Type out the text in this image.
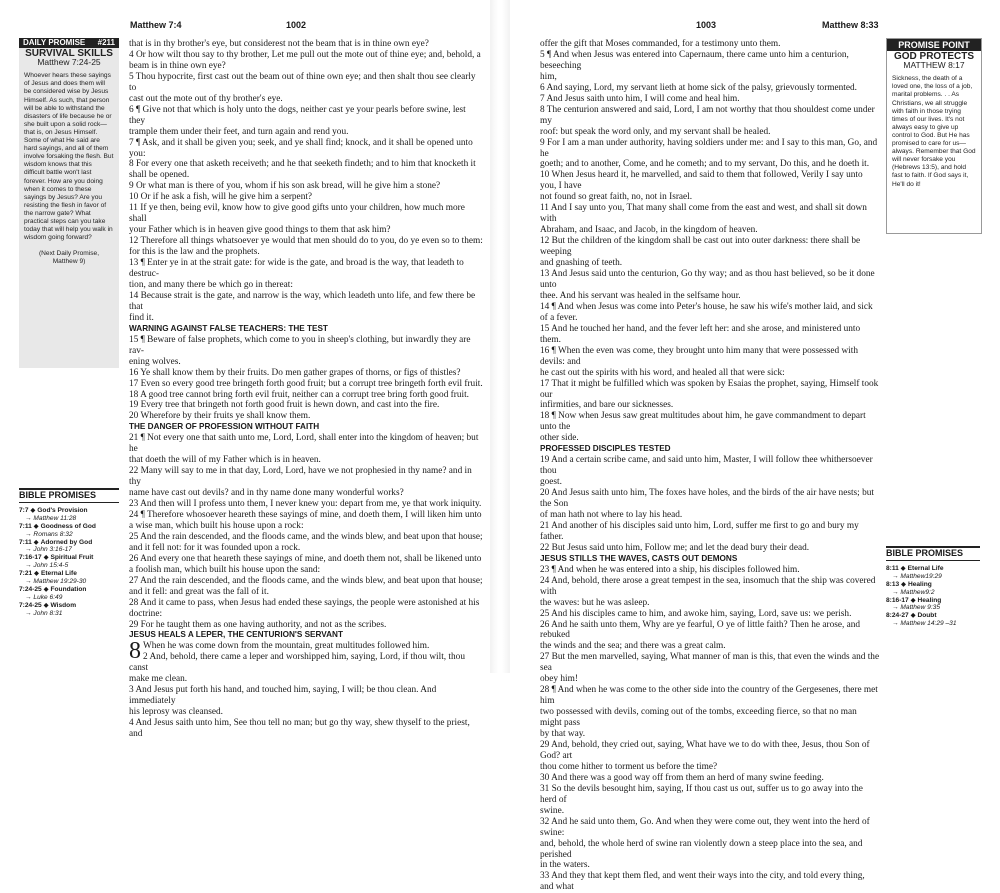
Matthew 7:4	1002
DAILY PROMISE #211
SURVIVAL SKILLS
Matthew 7:24-25
Whoever hears these sayings of Jesus and does them will be considered wise by Jesus Himself. As such, that person will be able to withstand the disasters of life because he or she built upon a solid rock—that is, on Jesus Himself. Some of what He said are hard sayings, and all of them involve forsaking the flesh. But wisdom knows that this difficult battle won't last forever. How are you doing when it comes to these sayings by Jesus? Are you resisting the flesh in favor of the narrow gate? What practical steps can you take today that will help you walk in wisdom going forward?
(Next Daily Promise,
Matthew 9)
BIBLE PROMISES
7:7 ◆ God's Provision
→ Matthew 11:28
7:11 ◆ Goodness of God
→ Romans 8:32
7:11 ◆ Adorned by God
→ John 3:16-17
7:16-17 ◆ Spiritual Fruit
→ John 15:4-5
7:21 ◆ Eternal Life
→ Matthew 19:29-30
7:24-25 ◆ Foundation
→ Luke 6:49
7:24-25 ◆ Wisdom
→ John 8:31
that is in thy brother's eye, but considerest not the beam that is in thine own eye?
4 Or how wilt thou say to thy brother, Let me pull out the mote out of thine eye; and, behold, a
beam is in thine own eye?
5 Thou hypocrite, first cast out the beam out of thine own eye; and then shalt thou see clearly to
cast out the mote out of thy brother's eye.
6 ¶ Give not that which is holy unto the dogs, neither cast ye your pearls before swine, lest they
trample them under their feet, and turn again and rend you.
7 ¶ Ask, and it shall be given you; seek, and ye shall find; knock, and it shall be opened unto you:
8 For every one that asketh receiveth; and he that seeketh findeth; and to him that knocketh it
shall be opened.
9 Or what man is there of you, whom if his son ask bread, will he give him a stone?
10 Or if he ask a fish, will he give him a serpent?
11 If ye then, being evil, know how to give good gifts unto your children, how much more shall
your Father which is in heaven give good things to them that ask him?
12 Therefore all things whatsoever ye would that men should do to you, do ye even so to them:
for this is the law and the prophets.
13 ¶ Enter ye in at the strait gate: for wide is the gate, and broad is the way, that leadeth to destruc-
tion, and many there be which go in thereat:
14 Because strait is the gate, and narrow is the way, which leadeth unto life, and few there be that
find it.
WARNING AGAINST FALSE TEACHERS: THE TEST
15 ¶ Beware of false prophets, which come to you in sheep's clothing, but inwardly they are rav-
ening wolves.
16 Ye shall know them by their fruits. Do men gather grapes of thorns, or figs of thistles?
17 Even so every good tree bringeth forth good fruit; but a corrupt tree bringeth forth evil fruit.
18 A good tree cannot bring forth evil fruit, neither can a corrupt tree bring forth good fruit.
19 Every tree that bringeth not forth good fruit is hewn down, and cast into the fire.
20 Wherefore by their fruits ye shall know them.
THE DANGER OF PROFESSION WITHOUT FAITH
21 ¶ Not every one that saith unto me, Lord, Lord, shall enter into the kingdom of heaven; but he
that doeth the will of my Father which is in heaven.
22 Many will say to me in that day, Lord, Lord, have we not prophesied in thy name? and in thy
name have cast out devils? and in thy name done many wonderful works?
23 And then will I profess unto them, I never knew you: depart from me, ye that work iniquity.
24 ¶ Therefore whosoever heareth these sayings of mine, and doeth them, I will liken him unto
a wise man, which built his house upon a rock:
25 And the rain descended, and the floods came, and the winds blew, and beat upon that house;
and it fell not: for it was founded upon a rock.
26 And every one that heareth these sayings of mine, and doeth them not, shall be likened unto
a foolish man, which built his house upon the sand:
27 And the rain descended, and the floods came, and the winds blew, and beat upon that house;
and it fell: and great was the fall of it.
28 And it came to pass, when Jesus had ended these sayings, the people were astonished at his
doctrine:
29 For he taught them as one having authority, and not as the scribes.
JESUS HEALS A LEPER, THE CENTURION'S SERVANT
8 When he was come down from the mountain, great multitudes followed him.
2 And, behold, there came a leper and worshipped him, saying, Lord, if thou wilt, thou canst
make me clean.
3 And Jesus put forth his hand, and touched him, saying, I will; be thou clean. And immediately
his leprosy was cleansed.
4 And Jesus saith unto him, See thou tell no man; but go thy way, shew thyself to the priest, and
1003	Matthew 8:33
offer the gift that Moses commanded, for a testimony unto them.
5 ¶ And when Jesus was entered into Capernaum, there came unto him a centurion, beseeching
him,
6 And saying, Lord, my servant lieth at home sick of the palsy, grievously tormented.
7 And Jesus saith unto him, I will come and heal him.
8 The centurion answered and said, Lord, I am not worthy that thou shouldest come under my
roof: but speak the word only, and my servant shall be healed.
9 For I am a man under authority, having soldiers under me: and I say to this man, Go, and he
goeth; and to another, Come, and he cometh; and to my servant, Do this, and he doeth it.
10 When Jesus heard it, he marvelled, and said to them that followed, Verily I say unto you, I have
not found so great faith, no, not in Israel.
11 And I say unto you, That many shall come from the east and west, and shall sit down with
Abraham, and Isaac, and Jacob, in the kingdom of heaven.
12 But the children of the kingdom shall be cast out into outer darkness: there shall be weeping
and gnashing of teeth.
13 And Jesus said unto the centurion, Go thy way; and as thou hast believed, so be it done unto
thee. And his servant was healed in the selfsame hour.
14 ¶ And when Jesus was come into Peter's house, he saw his wife's mother laid, and sick of a fever.
15 And he touched her hand, and the fever left her: and she arose, and ministered unto them.
16 ¶ When the even was come, they brought unto him many that were possessed with devils: and
he cast out the spirits with his word, and healed all that were sick:
17 That it might be fulfilled which was spoken by Esaias the prophet, saying, Himself took our
infirmities, and bare our sicknesses.
18 ¶ Now when Jesus saw great multitudes about him, he gave commandment to depart unto the
other side.
PROFESSED DISCIPLES TESTED
19 And a certain scribe came, and said unto him, Master, I will follow thee whithersoever thou
goest.
20 And Jesus saith unto him, The foxes have holes, and the birds of the air have nests; but the Son
of man hath not where to lay his head.
21 And another of his disciples said unto him, Lord, suffer me first to go and bury my father.
22 But Jesus said unto him, Follow me; and let the dead bury their dead.
JESUS STILLS THE WAVES, CASTS OUT DEMONS
23 ¶ And when he was entered into a ship, his disciples followed him.
24 And, behold, there arose a great tempest in the sea, insomuch that the ship was covered with
the waves: but he was asleep.
25 And his disciples came to him, and awoke him, saying, Lord, save us: we perish.
26 And he saith unto them, Why are ye fearful, O ye of little faith? Then he arose, and rebuked
the winds and the sea; and there was a great calm.
27 But the men marvelled, saying, What manner of man is this, that even the winds and the sea
obey him!
28 ¶ And when he was come to the other side into the country of the Gergesenes, there met him
two possessed with devils, coming out of the tombs, exceeding fierce, so that no man might pass
by that way.
29 And, behold, they cried out, saying, What have we to do with thee, Jesus, thou Son of God? art
thou come hither to torment us before the time?
30 And there was a good way off from them an herd of many swine feeding.
31 So the devils besought him, saying, If thou cast us out, suffer us to go away into the herd of
swine.
32 And he said unto them, Go. And when they were come out, they went into the herd of swine:
and, behold, the whole herd of swine ran violently down a steep place into the sea, and perished
in the waters.
33 And they that kept them fled, and went their ways into the city, and told every thing, and what
PROMISE POINT
GOD PROTECTS
MATTHEW 8:17
Sickness, the death of a loved one, the loss of a job, marital problems. . . As Christians, we all struggle with faith in those trying times of our lives. It's not always easy to give up control to God. But He has promised to care for us—always. Remember that God will never forsake you (Hebrews 13:5), and hold fast to faith. If God says it, He'll do it!
BIBLE PROMISES
8:11 ◆ Eternal Life
→ Matthew19:29
8:13 ◆ Healing
→ Matthew9:2
8:16-17 ◆ Healing
→ Matthew 9:35
8:24-27 ◆ Doubt
→ Matthew 14:29 –31
